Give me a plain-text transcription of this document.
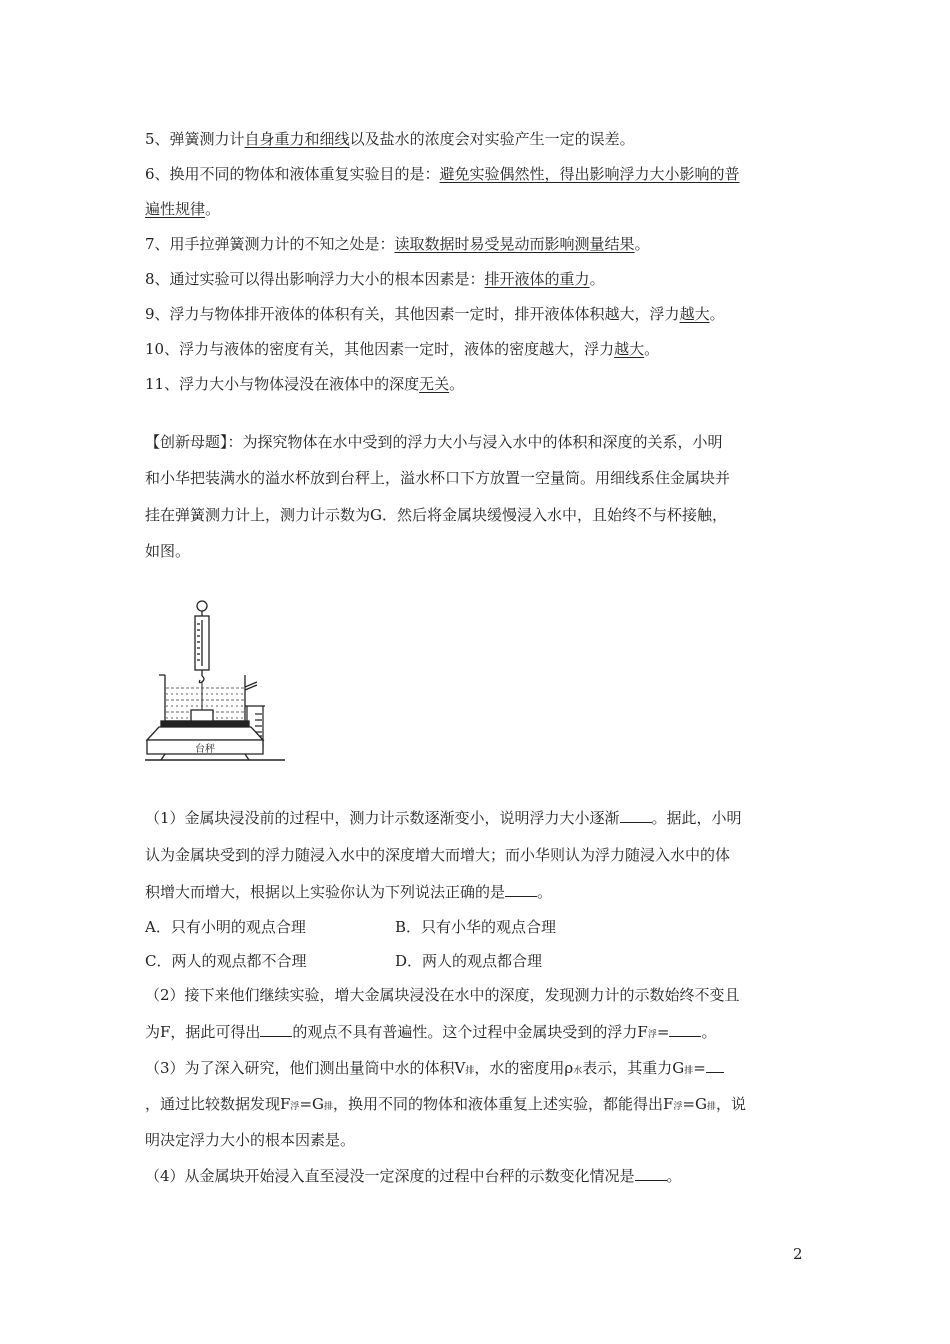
5、弹簧测力计自身重力和细线以及盐水的浓度会对实验产生一定的误差。
6、换用不同的物体和液体重复实验目的是：避免实验偶然性，得出影响浮力大小影响的普
遍性规律。
7、用手拉弹簧测力计的不知之处是：读取数据时易受晃动而影响测量结果。
8、通过实验可以得出影响浮力大小的根本因素是：排开液体的重力。
9、浮力与物体排开液体的体积有关，其他因素一定时，排开液体体积越大，浮力越大。
10、浮力与液体的密度有关，其他因素一定时，液体的密度越大，浮力越大。
11、浮力大小与物体浸没在液体中的深度无关。
【创新母题】：为探究物体在水中受到的浮力大小与浸入水中的体积和深度的关系，小明
和小华把装满水的溢水杯放到台秤上，溢水杯口下方放置一空量筒。用细线系住金属块并
挂在弹簧测力计上，测力计示数为G．然后将金属块缓慢浸入水中，且始终不与杯接触，
如图。
台秤
（1）金属块浸没前的过程中，测力计示数逐渐变小，说明浮力大小逐渐 。据此，小明
认为金属块受到的浮力随浸入水中的深度增大而增大；而小华则认为浮力随浸入水中的体
积增大而增大，根据以上实验你认为下列说法正确的是 。
A．只有小明的观点合理	B．只有小华的观点合理
C．两人的观点都不合理	D．两人的观点都合理
（2）接下来他们继续实验，增大金属块浸没在水中的深度，发现测力计的示数始终不变且
为F，据此可得出 的观点不具有普遍性。这个过程中金属块受到的浮力F浮= 。
（3）为了深入研究，他们测出量筒中水的体积V排，水的密度用ρ水表示，其重力G排=
，通过比较数据发现F浮=G排，换用不同的物体和液体重复上述实验，都能得出F浮=G排，说
明决定浮力大小的根本因素是。
（4）从金属块开始浸入直至浸没一定深度的过程中台秤的示数变化情况是 。
2
